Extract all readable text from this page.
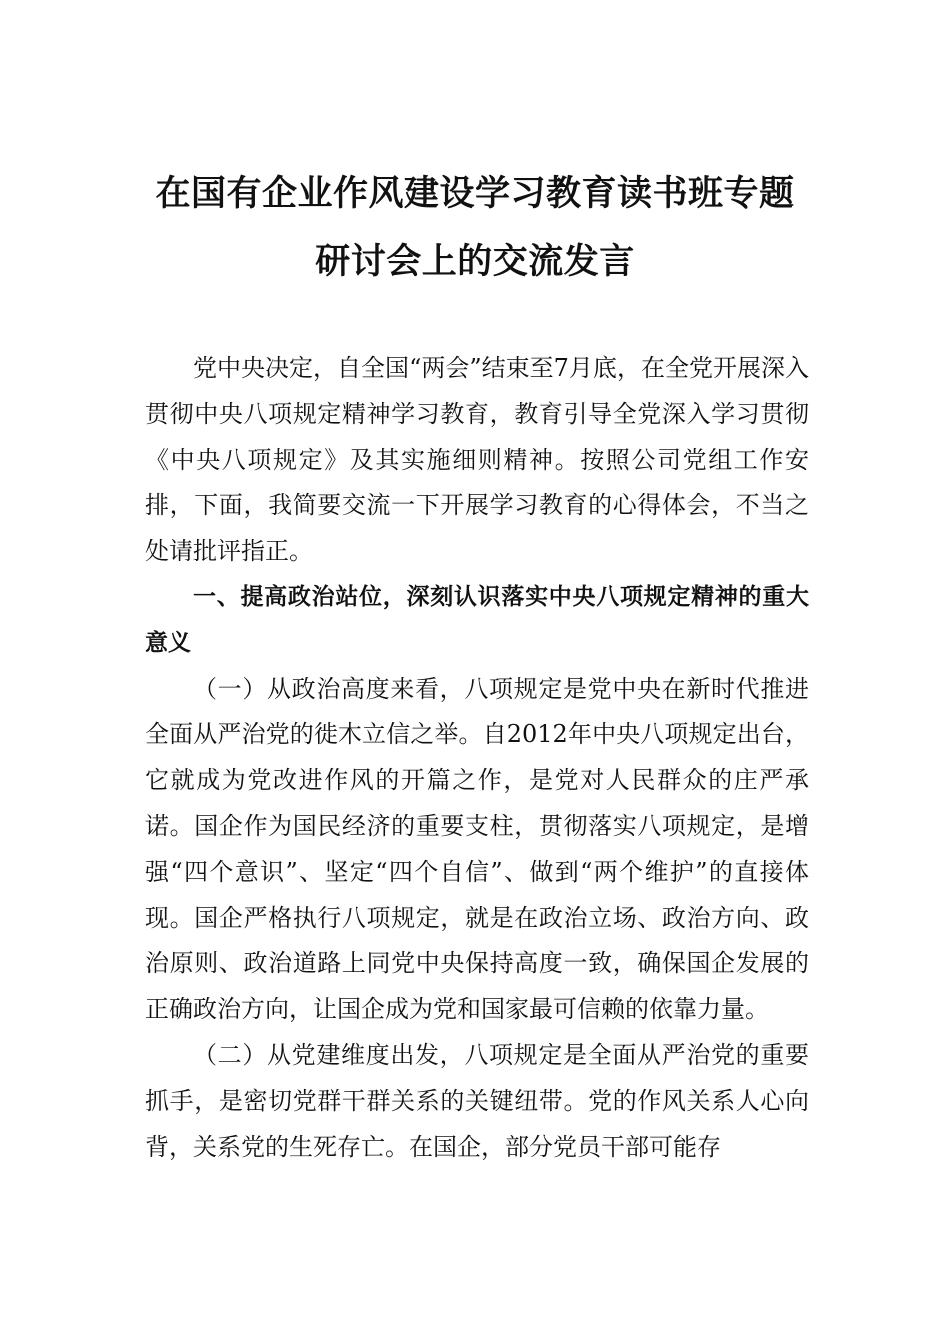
在国有企业作风建设学习教育读书班专题
研讨会上的交流发言

党中央决定，自全国“两会”结束至7月底，在全党开展深入贯彻中央八项规定精神学习教育，教育引导全党深入学习贯彻《中央八项规定》及其实施细则精神。按照公司党组工作安排，下面，我简要交流一下开展学习教育的心得体会，不当之处请批评指正。

一、提高政治站位，深刻认识落实中央八项规定精神的重大意义

（一）从政治高度来看，八项规定是党中央在新时代推进全面从严治党的徙木立信之举。自2012年中央八项规定出台，它就成为党改进作风的开篇之作，是党对人民群众的庄严承诺。国企作为国民经济的重要支柱，贯彻落实八项规定，是增强“四个意识”、坚定“四个自信”、做到“两个维护”的直接体现。国企严格执行八项规定，就是在政治立场、政治方向、政治原则、政治道路上同党中央保持高度一致，确保国企发展的正确政治方向，让国企成为党和国家最可信赖的依靠力量。

（二）从党建维度出发，八项规定是全面从严治党的重要抓手，是密切党群干群关系的关键纽带。党的作风关系人心向背，关系党的生死存亡。在国企，部分党员干部可能存
